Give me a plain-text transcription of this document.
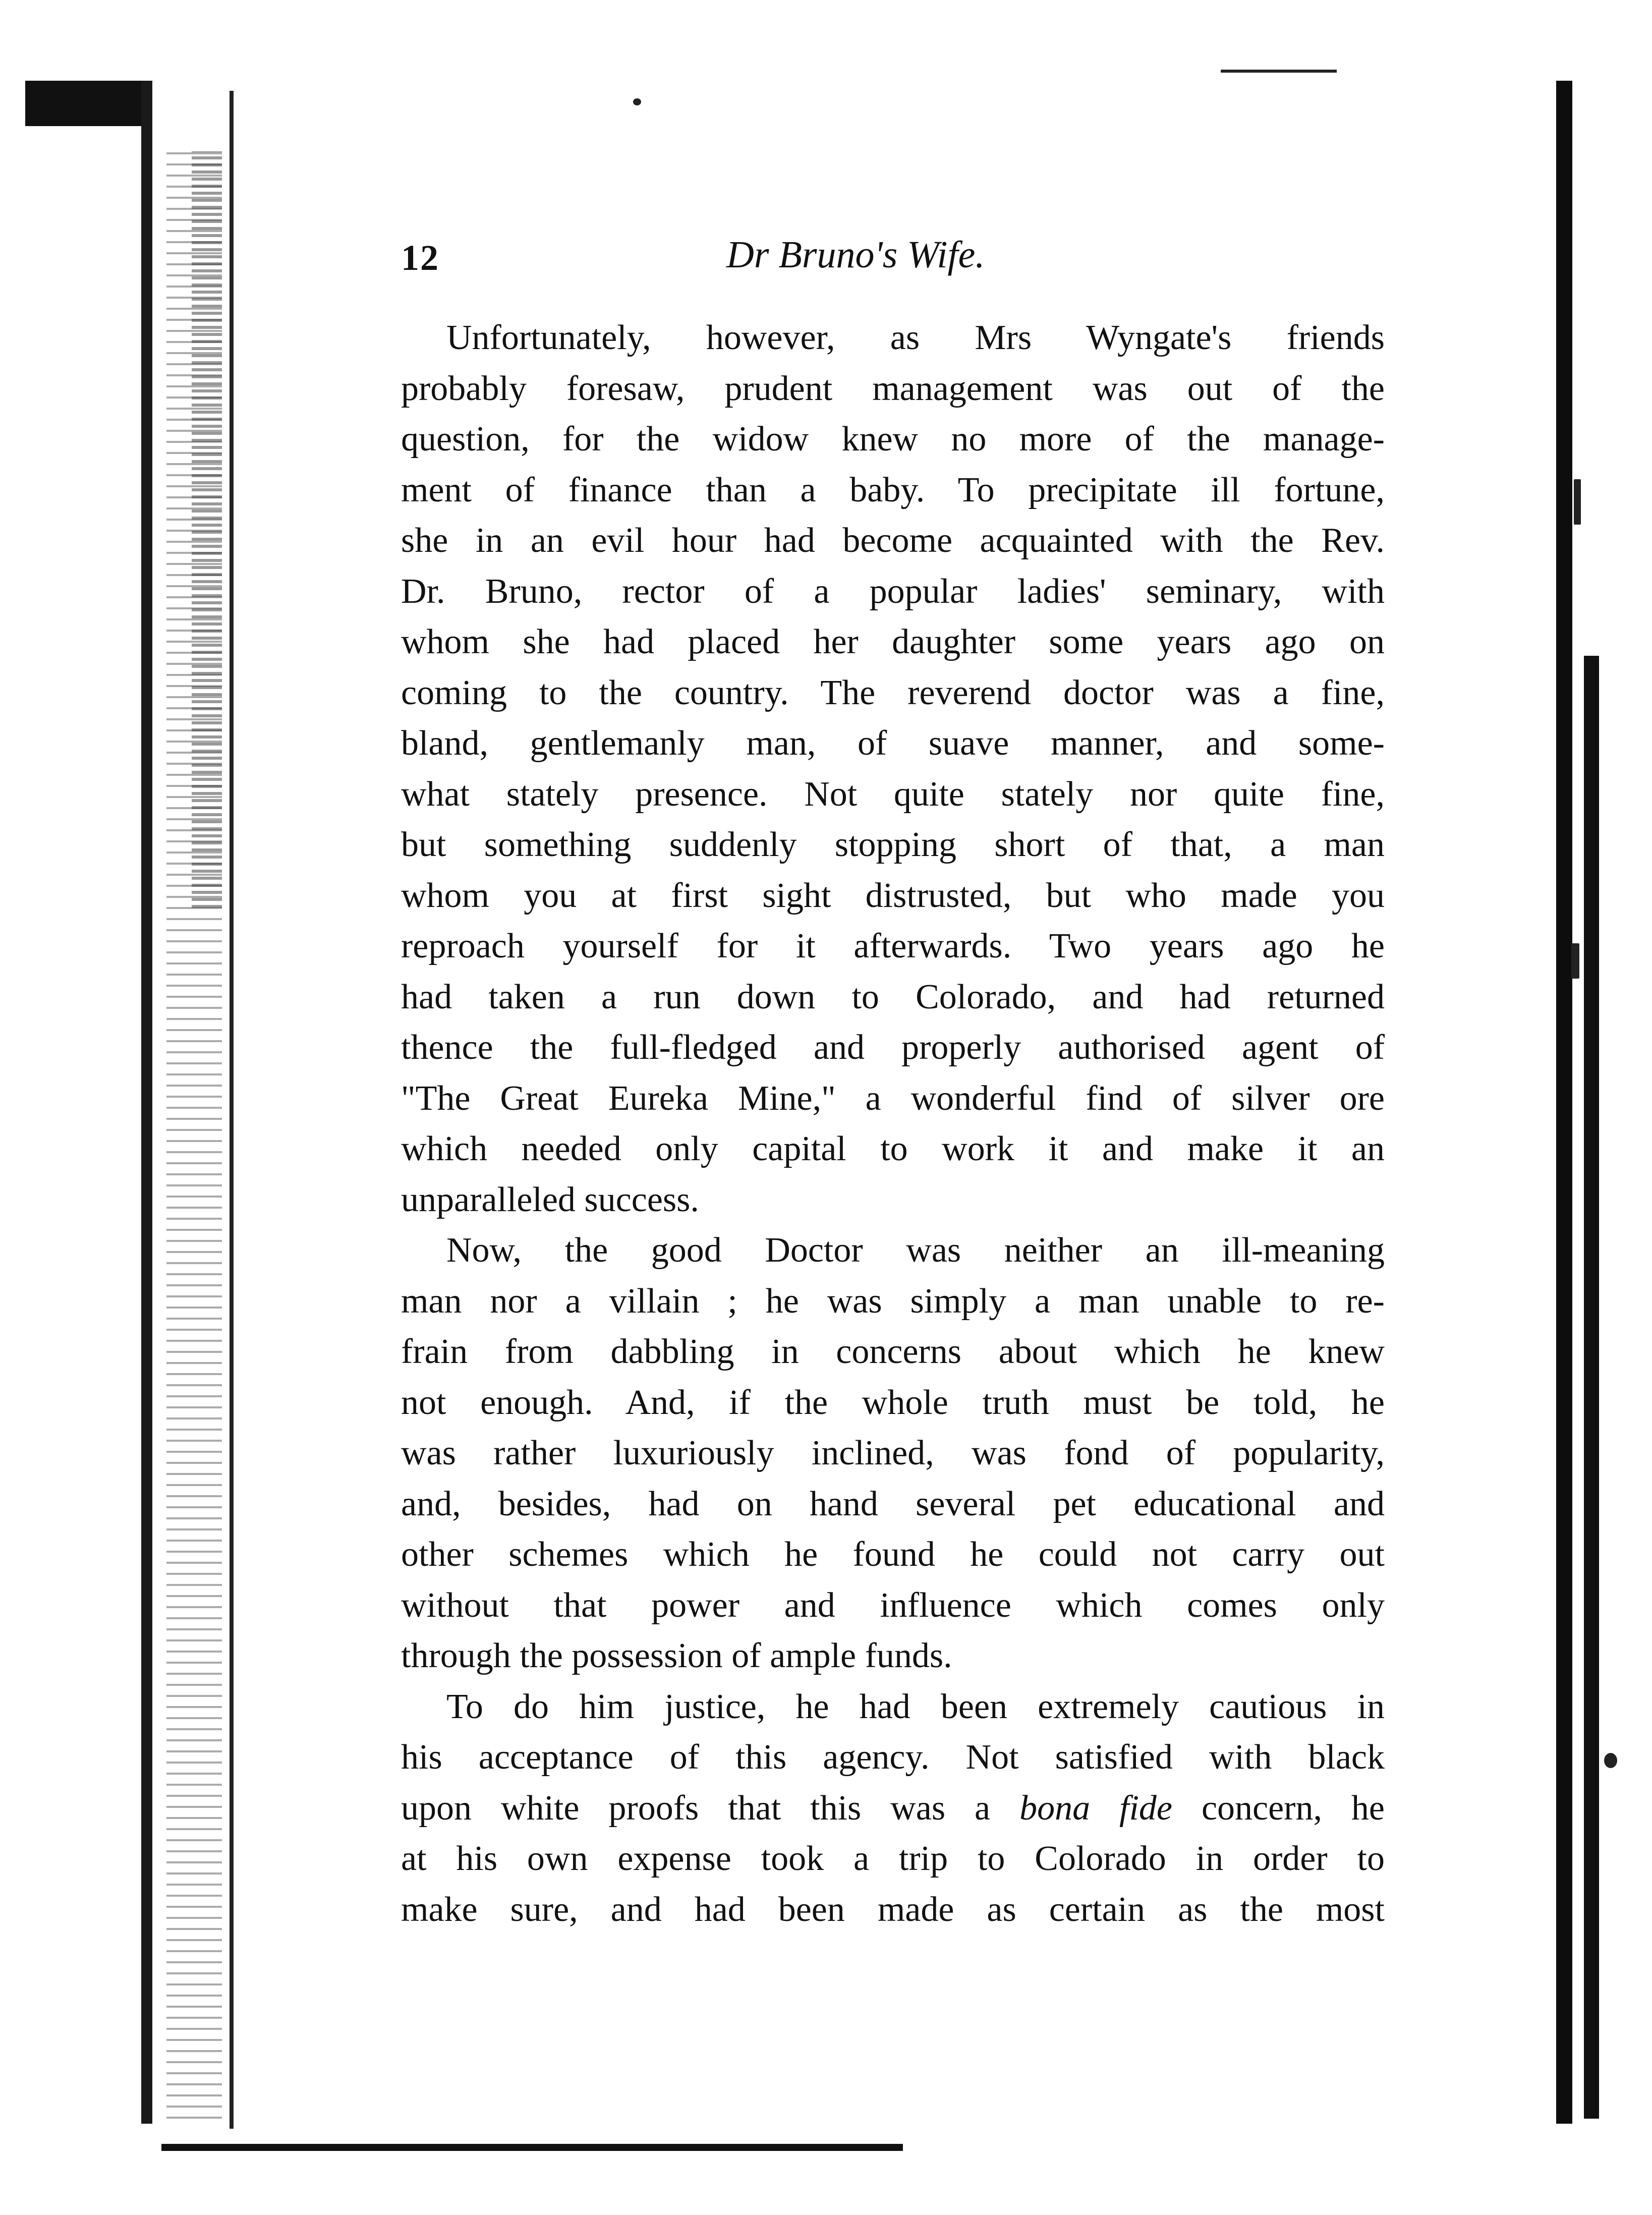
12	Dr Bruno's Wife.

Unfortunately, however, as Mrs Wyngate's friends
probably foresaw, prudent management was out of the
question, for the widow knew no more of the manage-
ment of finance than a baby. To precipitate ill fortune,
she in an evil hour had become acquainted with the Rev.
Dr. Bruno, rector of a popular ladies' seminary, with
whom she had placed her daughter some years ago on
coming to the country. The reverend doctor was a fine,
bland, gentlemanly man, of suave manner, and some-
what stately presence. Not quite stately nor quite fine,
but something suddenly stopping short of that, a man
whom you at first sight distrusted, but who made you
reproach yourself for it afterwards. Two years ago he
had taken a run down to Colorado, and had returned
thence the full-fledged and properly authorised agent of
"The Great Eureka Mine," a wonderful find of silver ore
which needed only capital to work it and make it an
unparalleled success.

Now, the good Doctor was neither an ill-meaning
man nor a villain ; he was simply a man unable to re-
frain from dabbling in concerns about which he knew
not enough. And, if the whole truth must be told, he
was rather luxuriously inclined, was fond of popularity,
and, besides, had on hand several pet educational and
other schemes which he found he could not carry out
without that power and influence which comes only
through the possession of ample funds.

To do him justice, he had been extremely cautious in
his acceptance of this agency. Not satisfied with black
upon white proofs that this was a bona fide concern, he
at his own expense took a trip to Colorado in order to
make sure, and had been made as certain as the most
